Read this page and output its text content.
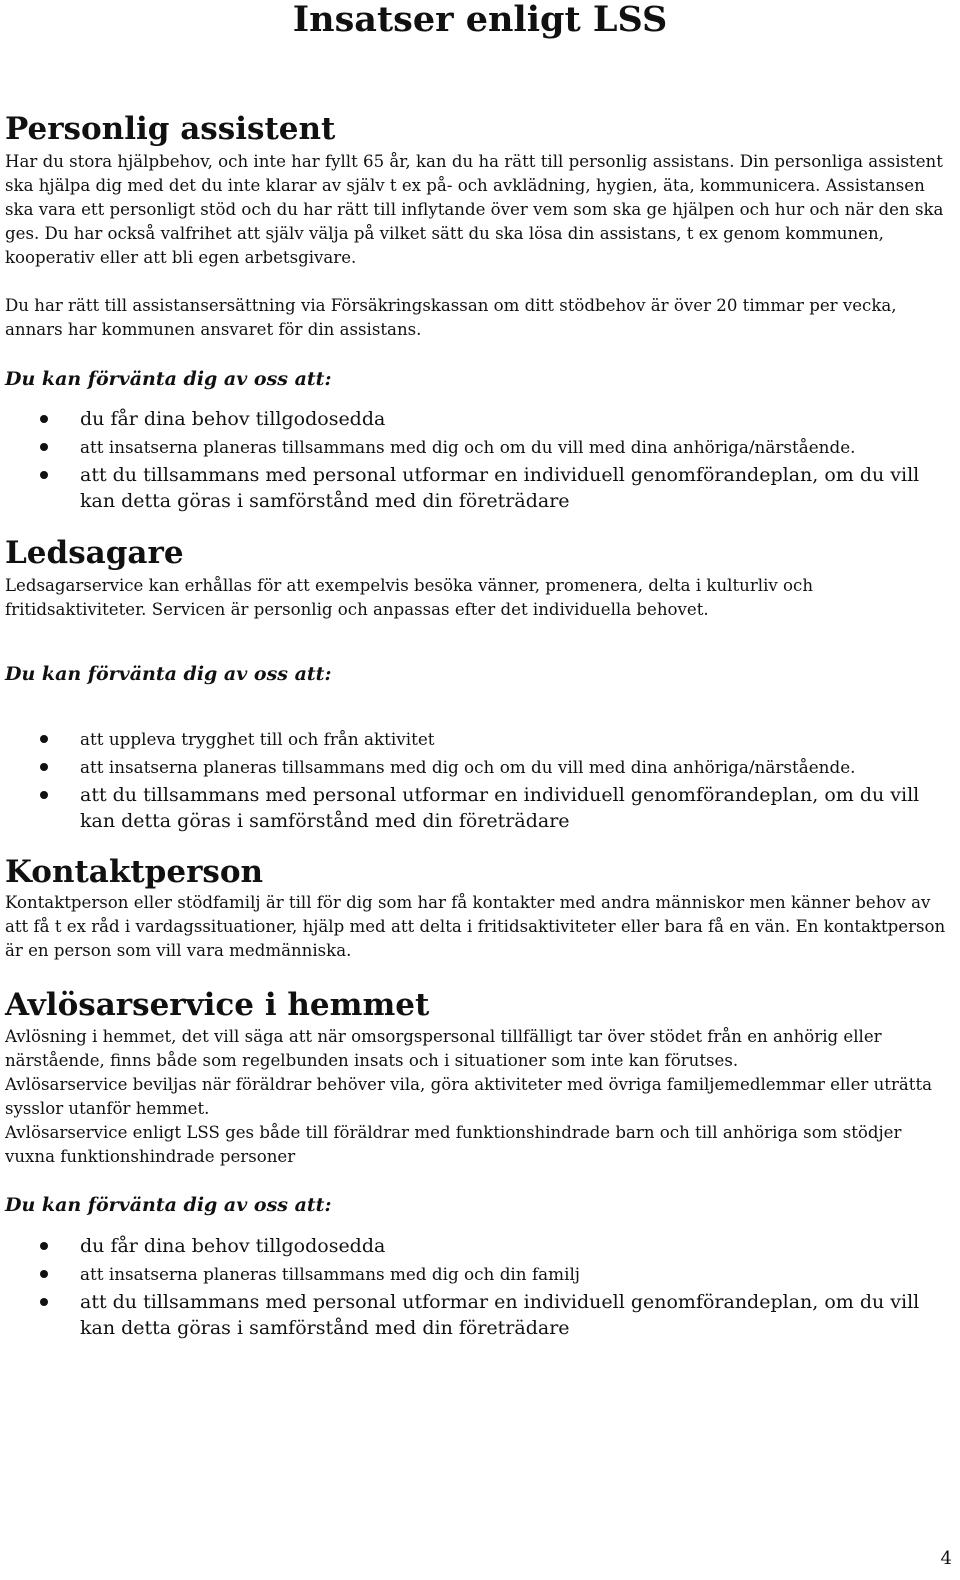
Insatser enligt LSS
Personlig assistent

Har du stora hjälpbehov, och inte har fyllt 65 år, kan du ha rätt till personlig assistans. Din personliga assistent ska hjälpa dig med det du inte klarar av själv t ex på- och avklädning, hygien, äta, kommunicera. Assistansen ska vara ett personligt stöd och du har rätt till inflytande över vem som ska ge hjälpen och hur och när den ska ges. Du har också valfrihet att själv välja på vilket sätt du ska lösa din assistans, t ex genom kommunen, kooperativ eller att bli egen arbetsgivare.

Du har rätt till assistansersättning via Försäkringskassan om ditt stödbehov är över 20 timmar per vecka, annars har kommunen ansvaret för din assistans.

Du kan förvänta dig av oss att:

du får dina behov tillgodosedda
att insatserna planeras tillsammans med dig och om du vill med dina anhöriga/närstående.
att du tillsammans med personal utformar en individuell genomförandeplan, om du vill kan detta göras i samförstånd med din företrädare
Ledsagare

Ledsagarservice kan erhållas för att exempelvis besöka vänner, promenera, delta i kulturliv och fritidsaktiviteter. Servicen är personlig och anpassas efter det individuella behovet.

Du kan förvänta dig av oss att:

att uppleva trygghet till och från aktivitet
att insatserna planeras tillsammans med dig och om du vill med dina anhöriga/närstående.
att du tillsammans med personal utformar en individuell genomförandeplan, om du vill kan detta göras i samförstånd med din företrädare
Kontaktperson

Kontaktperson eller stödfamilj är till för dig som har få kontakter med andra människor men känner behov av att få t ex råd i vardagssituationer, hjälp med att delta i fritidsaktiviteter eller bara få en vän. En kontaktperson är en person som vill vara medmänniska.

Avlösarservice i hemmet

Avlösning i hemmet, det vill säga att när omsorgspersonal tillfälligt tar över stödet från en anhörig eller närstående, finns både som regelbunden insats och i situationer som inte kan förutses.

Avlösarservice beviljas när föräldrar behöver vila, göra aktiviteter med övriga familjemedlemmar eller uträtta sysslor utanför hemmet.

Avlösarservice enligt LSS ges både till föräldrar med funktionshindrade barn och till anhöriga som stödjer vuxna funktionshindrade personer

Du kan förvänta dig av oss att:

du får dina behov tillgodosedda
att insatserna planeras tillsammans med dig och din familj
att du tillsammans med personal utformar en individuell genomförandeplan, om du vill kan detta göras i samförstånd med din företrädare
4
